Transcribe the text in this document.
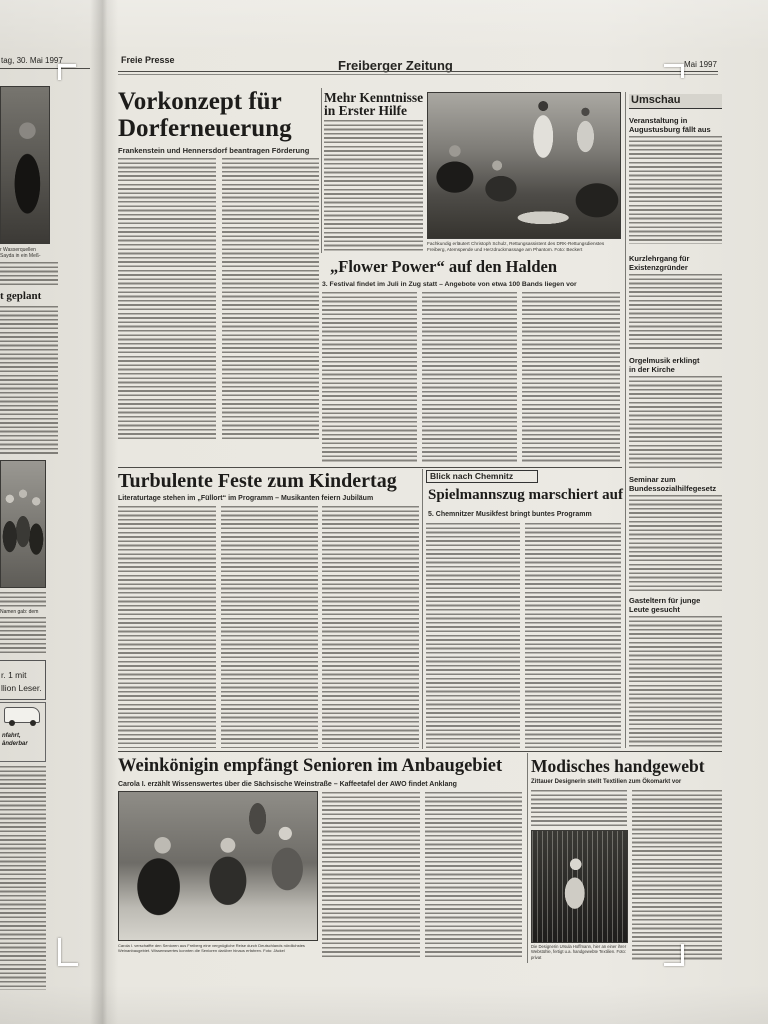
tag, 30. Mai 1997
r Wasserquellen
Sayda in ein Meß-
t geplant
Namen gab: dem
r. 1 mit
llion Leser.
nfahrt,
änderbar
Freie Presse	Freiberger Zeitung	Mai 1997
Vorkonzept für
Dorferneuerung
Frankenstein und Hennersdorf beantragen Förderung
Mehr Kenntnisse
in Erster Hilfe
Fachkundig erläutert Christoph Schulz, Rettungsassistent des DRK-Rettungsdienstes Freiberg, Atemspende und Herzdruckmassage am Phantom. Foto: Beckert
Umschau
Veranstaltung in
Augustusburg fällt aus
Kurzlehrgang für
Existenzgründer
Orgelmusik erklingt
in der Kirche
Seminar zum
Bundessozialhilfegesetz
Gasteltern für junge
Leute gesucht
„Flower Power“ auf den Halden
3. Festival findet im Juli in Zug statt – Angebote von etwa 100 Bands liegen vor
Turbulente Feste zum Kindertag
Literaturtage stehen im „Füllort“ im Programm – Musikanten feiern Jubiläum
Blick nach Chemnitz
Spielmannszug marschiert auf
5. Chemnitzer Musikfest bringt buntes Programm
Weinkönigin empfängt Senioren im Anbaugebiet
Carola I. erzählt Wissenswertes über die Sächsische Weinstraße – Kaffeetafel der AWO findet Anklang
Carola I. verschaffte den Senioren aus Freiberg eine vergnügliche Reise durch Deutschlands nördlichstes Weinanbaugebiet. Wissenswertes konnten die Senioren darüber hinaus erfahren. Foto: Jäckel
Modisches handgewebt
Zittauer Designerin stellt Textilien zum Ökomarkt vor
Die Designerin Ursula Hoffmann, hier an einer ihrer Webstühle, fertigt u.a. handgewebte Textilien. Foto: privat
